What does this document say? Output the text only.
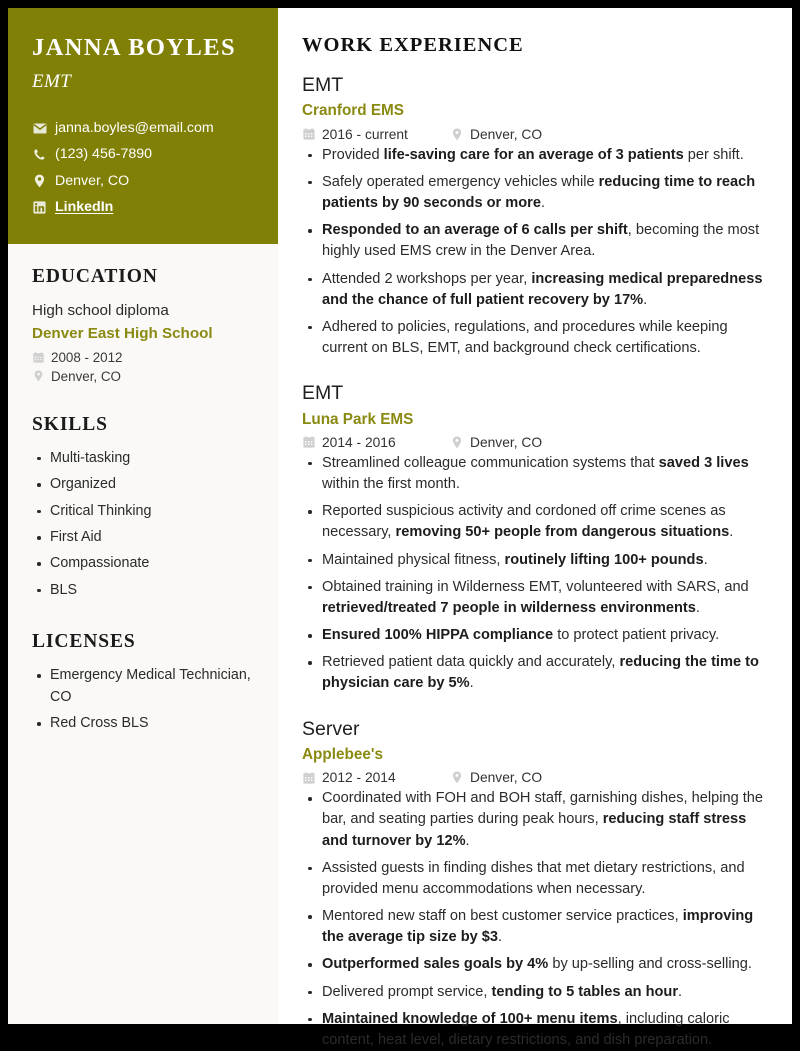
JANNA BOYLES
EMT
janna.boyles@email.com
(123) 456-7890
Denver, CO
LinkedIn
EDUCATION
High school diploma
Denver East High School
2008 - 2012
Denver, CO
SKILLS
Multi-tasking
Organized
Critical Thinking
First Aid
Compassionate
BLS
LICENSES
Emergency Medical Technician, CO
Red Cross BLS
WORK EXPERIENCE
EMT
Cranford EMS
2016 - current	Denver, CO
Provided life-saving care for an average of 3 patients per shift.
Safely operated emergency vehicles while reducing time to reach patients by 90 seconds or more.
Responded to an average of 6 calls per shift, becoming the most highly used EMS crew in the Denver Area.
Attended 2 workshops per year, increasing medical preparedness and the chance of full patient recovery by 17%.
Adhered to policies, regulations, and procedures while keeping current on BLS, EMT, and background check certifications.
EMT
Luna Park EMS
2014 - 2016	Denver, CO
Streamlined colleague communication systems that saved 3 lives within the first month.
Reported suspicious activity and cordoned off crime scenes as necessary, removing 50+ people from dangerous situations.
Maintained physical fitness, routinely lifting 100+ pounds.
Obtained training in Wilderness EMT, volunteered with SARS, and retrieved/treated 7 people in wilderness environments.
Ensured 100% HIPPA compliance to protect patient privacy.
Retrieved patient data quickly and accurately, reducing the time to physician care by 5%.
Server
Applebee's
2012 - 2014	Denver, CO
Coordinated with FOH and BOH staff, garnishing dishes, helping the bar, and seating parties during peak hours, reducing staff stress and turnover by 12%.
Assisted guests in finding dishes that met dietary restrictions, and provided menu accommodations when necessary.
Mentored new staff on best customer service practices, improving the average tip size by $3.
Outperformed sales goals by 4% by up-selling and cross-selling.
Delivered prompt service, tending to 5 tables an hour.
Maintained knowledge of 100+ menu items, including caloric content, heat level, dietary restrictions, and dish preparation.
